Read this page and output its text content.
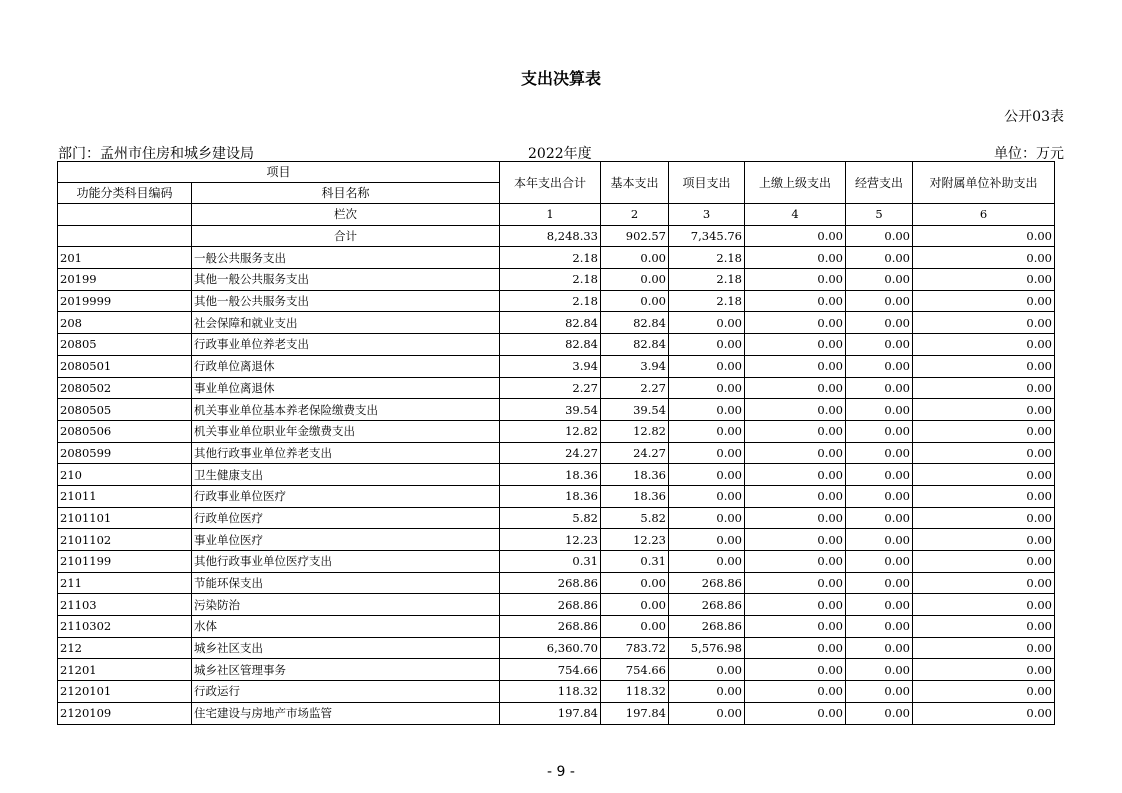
支出决算表
公开03表
部门：孟州市住房和城乡建设局	2022年度	单位：万元
项目		本年支出合计	基本支出	项目支出	上缴上级支出	经营支出	对附属单位补助支出
功能分类科目编码	科目名称						
	栏次	1	2	3	4	5	6
	合计	8,248.33	902.57	7,345.76	0.00	0.00	0.00
201	一般公共服务支出	2.18	0.00	2.18	0.00	0.00	0.00
20199	其他一般公共服务支出	2.18	0.00	2.18	0.00	0.00	0.00
2019999	其他一般公共服务支出	2.18	0.00	2.18	0.00	0.00	0.00
208	社会保障和就业支出	82.84	82.84	0.00	0.00	0.00	0.00
20805	行政事业单位养老支出	82.84	82.84	0.00	0.00	0.00	0.00
2080501	行政单位离退休	3.94	3.94	0.00	0.00	0.00	0.00
2080502	事业单位离退休	2.27	2.27	0.00	0.00	0.00	0.00
2080505	机关事业单位基本养老保险缴费支出	39.54	39.54	0.00	0.00	0.00	0.00
2080506	机关事业单位职业年金缴费支出	12.82	12.82	0.00	0.00	0.00	0.00
2080599	其他行政事业单位养老支出	24.27	24.27	0.00	0.00	0.00	0.00
210	卫生健康支出	18.36	18.36	0.00	0.00	0.00	0.00
21011	行政事业单位医疗	18.36	18.36	0.00	0.00	0.00	0.00
2101101	行政单位医疗	5.82	5.82	0.00	0.00	0.00	0.00
2101102	事业单位医疗	12.23	12.23	0.00	0.00	0.00	0.00
2101199	其他行政事业单位医疗支出	0.31	0.31	0.00	0.00	0.00	0.00
211	节能环保支出	268.86	0.00	268.86	0.00	0.00	0.00
21103	污染防治	268.86	0.00	268.86	0.00	0.00	0.00
2110302	水体	268.86	0.00	268.86	0.00	0.00	0.00
212	城乡社区支出	6,360.70	783.72	5,576.98	0.00	0.00	0.00
21201	城乡社区管理事务	754.66	754.66	0.00	0.00	0.00	0.00
2120101	行政运行	118.32	118.32	0.00	0.00	0.00	0.00
2120109	住宅建设与房地产市场监管	197.84	197.84	0.00	0.00	0.00	0.00
- 9 -
